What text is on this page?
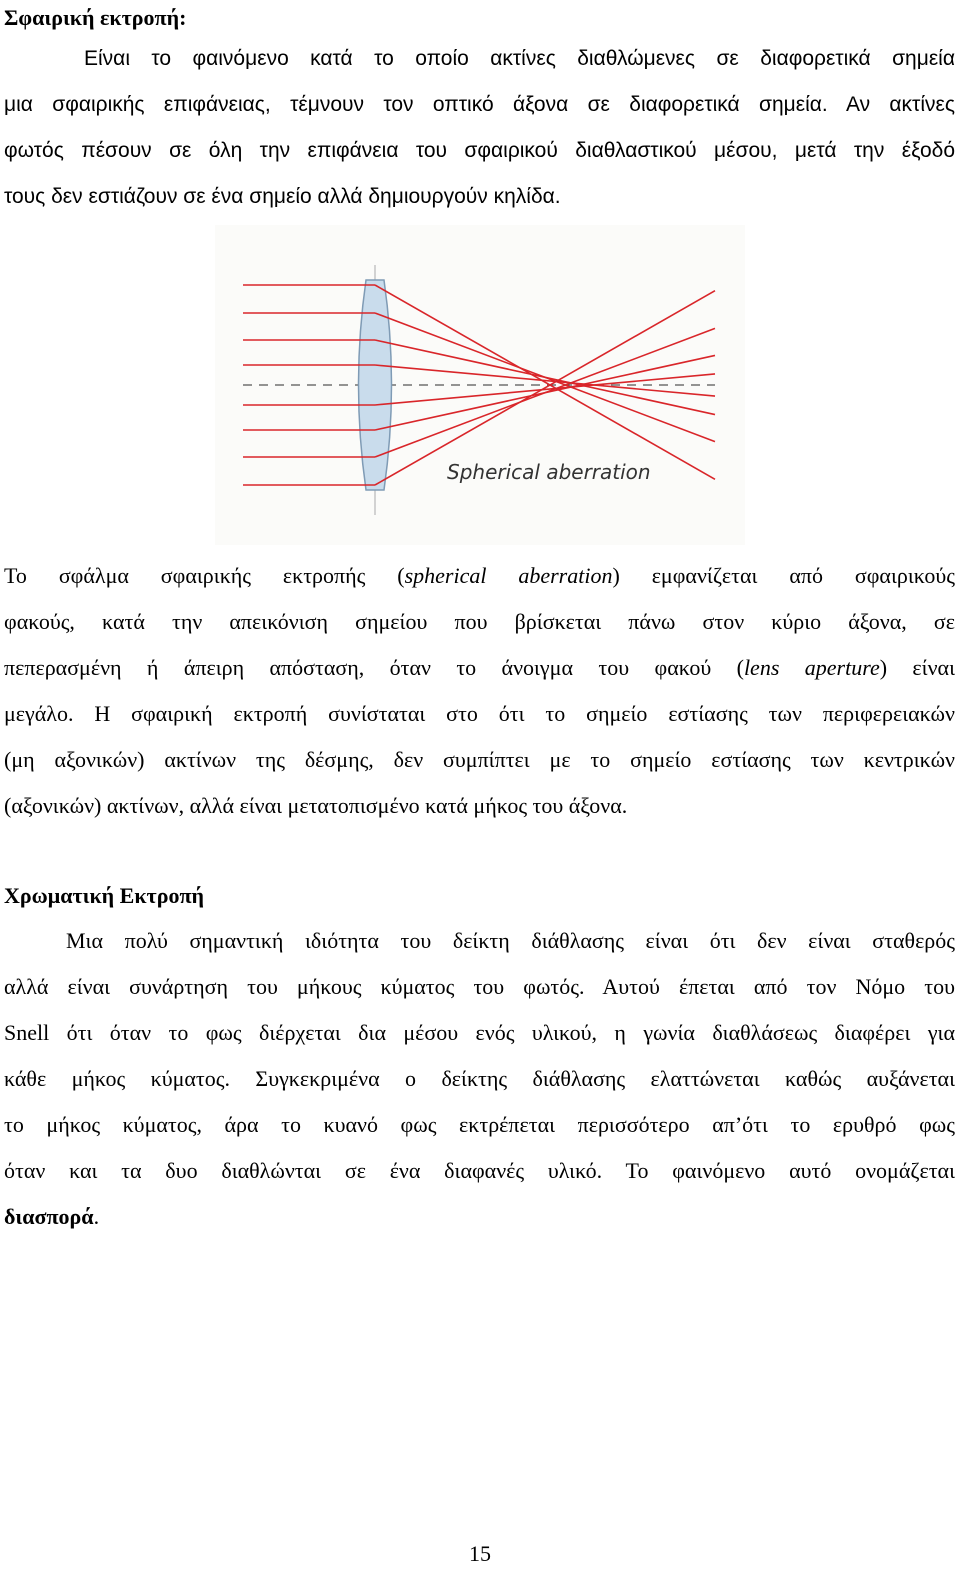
Σφαιρική εκτροπή:
Είναι το φαινόμενο κατά το οποίο ακτίνες διαθλώμενες σε διαφορετικά σημεία
μια σφαιρικής επιφάνειας, τέμνουν τον οπτικό άξονα σε διαφορετικά σημεία. Αν ακτίνες
φωτός πέσουν σε όλη την επιφάνεια του σφαιρικού διαθλαστικού μέσου, μετά την έξοδό
τους δεν εστιάζουν σε ένα σημείο αλλά δημιουργούν κηλίδα.
Spherical aberration
Το σφάλμα σφαιρικής εκτροπής (spherical aberration) εμφανίζεται από σφαιρικούς
φακούς, κατά την απεικόνιση σημείου που βρίσκεται πάνω στον κύριο άξονα, σε
πεπερασμένη ή άπειρη απόσταση, όταν το άνοιγμα του φακού (lens aperture) είναι
μεγάλο. Η σφαιρική εκτροπή συνίσταται στο ότι το σημείο εστίασης των περιφερειακών
(μη αξονικών) ακτίνων της δέσμης, δεν συμπίπτει με το σημείο εστίασης των κεντρικών
(αξονικών) ακτίνων, αλλά είναι μετατοπισμένο κατά μήκος του άξονα.
Χρωματική Εκτροπή
Μια πολύ σημαντική ιδιότητα του δείκτη διάθλασης είναι ότι δεν είναι σταθερός
αλλά είναι συνάρτηση του μήκους κύματος του φωτός. Αυτού έπεται από τον Νόμο του
Snell ότι όταν το φως διέρχεται δια μέσου ενός υλικού, η γωνία διαθλάσεως διαφέρει για
κάθε μήκος κύματος. Συγκεκριμένα ο δείκτης διάθλασης ελαττώνεται καθώς αυξάνεται
το μήκος κύματος, άρα το κυανό φως εκτρέπεται περισσότερο απ’ότι το ερυθρό φως
όταν και τα δυο διαθλώνται σε ένα διαφανές υλικό. Το φαινόμενο αυτό ονομάζεται
διασπορά.
15
